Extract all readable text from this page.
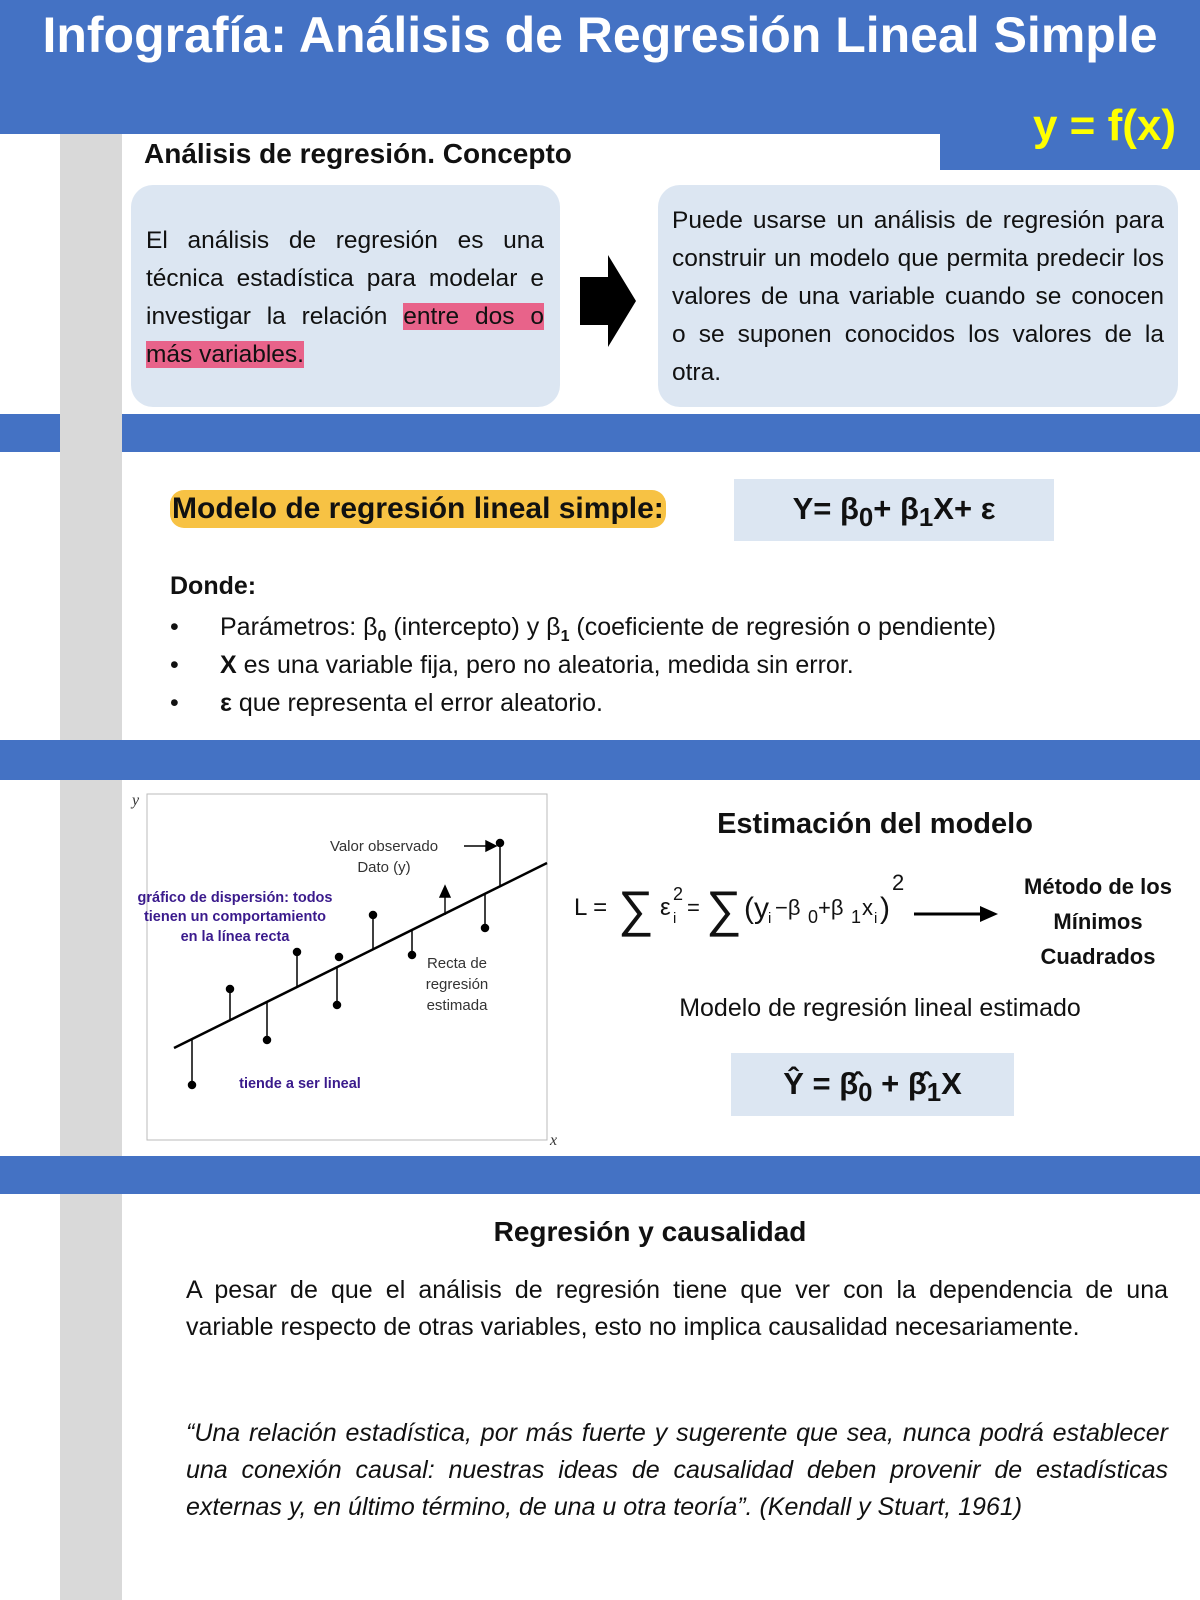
Infografía: Análisis de Regresión Lineal Simple
y = f(x)
Análisis de regresión. Concepto
El análisis de regresión es una técnica estadística para modelar e investigar la relación entre dos o más variables.
Puede usarse un análisis de regresión para construir un modelo que permita predecir los valores de una variable cuando se conocen o se suponen conocidos los valores de la otra.
Modelo de regresión lineal simple:	$Y= \beta_0+ \beta_1X+ \varepsilon$
Donde:
• Parámetros: $\beta_0$ (intercepto) y $\beta_1$ (coeficiente de regresión o pendiente)
• X es una variable fija, pero no aleatoria, medida sin error.
• ε que representa el error aleatorio.
y
x
Valor observado
Dato (y)
Recta de
regresión
estimada
gráfico de dispersión: todos
tienen un comportamiento
en la línea recta
tiende a ser lineal
Estimación del modelo
L = ∑ ε 2
i = ∑ (y i −β 0 +β 1 x i )
2	Método de los
Mínimos
Cuadrados
Modelo de regresión lineal estimado
Ŷ = $\betâ_0$ + $\betâ_1X$
Regresión y causalidad
A pesar de que el análisis de regresión tiene que ver con la dependencia de una variable respecto de otras variables, esto no implica causalidad necesariamente.
“Una relación estadística, por más fuerte y sugerente que sea, nunca podrá establecer una conexión causal: nuestras ideas de causalidad deben provenir de estadísticas externas y, en último término, de una u otra teoría”. (Kendall y Stuart, 1961)
